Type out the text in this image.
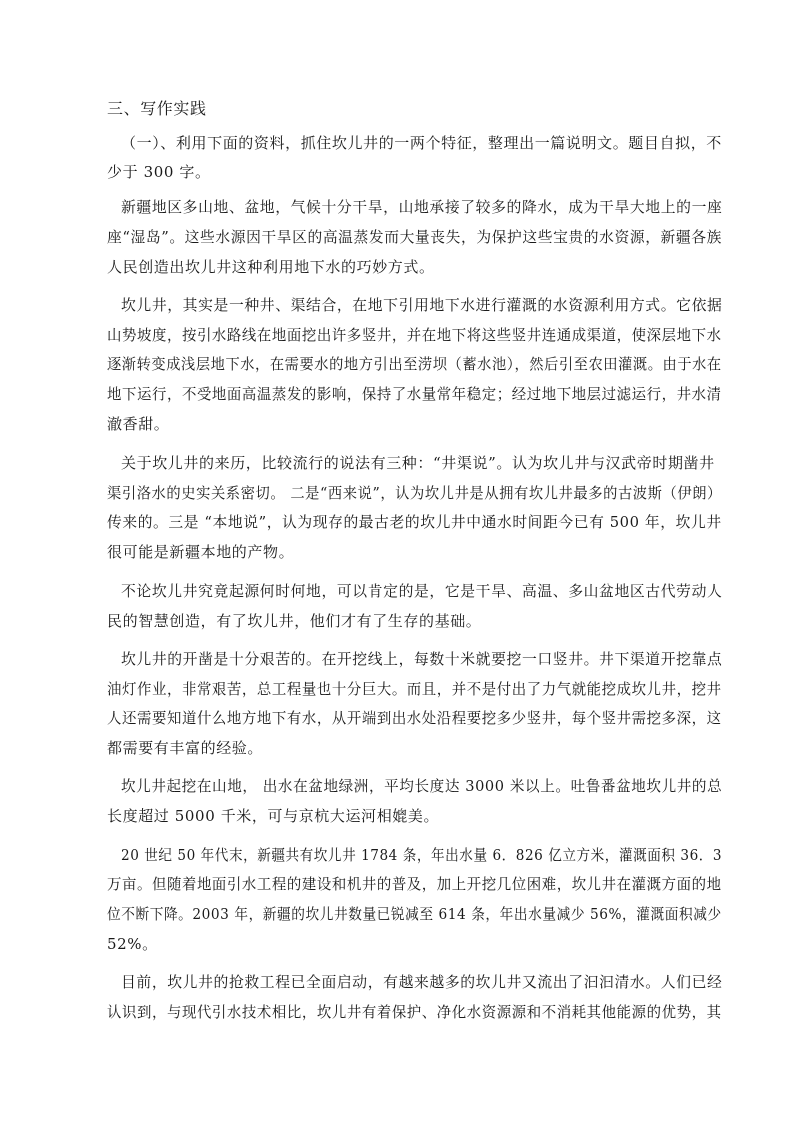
三、写作实践
（一）、利用下面的资料，抓住坎儿井的一两个特征，整理出一篇说明文。题目自拟，不
少于 300 字。
新疆地区多山地、盆地，气候十分干旱，山地承接了较多的降水，成为干旱大地上的一座
座“湿岛”。这些水源因干旱区的高温蒸发而大量丧失，为保护这些宝贵的水资源，新疆各族
人民创造出坎儿井这种利用地下水的巧妙方式。
坎儿井，其实是一种井、渠结合，在地下引用地下水进行灌溉的水资源利用方式。它依据
山势坡度，按引水路线在地面挖出许多竖井，并在地下将这些竖井连通成渠道，使深层地下水
逐渐转变成浅层地下水，在需要水的地方引出至涝坝（蓄水池），然后引至农田灌溉。由于水在
地下运行，不受地面高温蒸发的影响，保持了水量常年稳定；经过地下地层过滤运行，井水清
澈香甜。
关于坎儿井的来历，比较流行的说法有三种：“井渠说”。认为坎儿井与汉武帝时期凿井
渠引洛水的史实关系密切。 二是“西来说”，认为坎儿井是从拥有坎儿井最多的古波斯（伊朗）
传来的。三是 “本地说”，认为现存的最古老的坎儿井中通水时间距今已有 500 年，坎儿井
很可能是新疆本地的产物。
不论坎儿井究竟起源何时何地，可以肯定的是，它是干旱、高温、多山盆地区古代劳动人
民的智慧创造，有了坎儿井，他们才有了生存的基础。
坎儿井的开凿是十分艰苦的。在开挖线上，每数十米就要挖一口竖井。井下渠道开挖靠点
油灯作业，非常艰苦，总工程量也十分巨大。而且，并不是付出了力气就能挖成坎儿井，挖井
人还需要知道什么地方地下有水，从开端到出水处沿程要挖多少竖井，每个竖井需挖多深，这
都需要有丰富的经验。
坎儿井起挖在山地， 出水在盆地绿洲，平均长度达 3000 米以上。吐鲁番盆地坎儿井的总
长度超过 5000 千米，可与京杭大运河相媲美。
20 世纪 50 年代末，新疆共有坎儿井 1784 条，年出水量 6．826 亿立方米，灌溉面积 36．3
万亩。但随着地面引水工程的建设和机井的普及，加上开挖几位困难，坎儿井在灌溉方面的地
位不断下降。2003 年，新疆的坎儿井数量已锐减至 614 条，年出水量减少 56%，灌溉面积减少
52%。
目前，坎儿井的抢救工程已全面启动，有越来越多的坎儿井又流出了汩汩清水。人们已经
认识到，与现代引水技术相比，坎儿井有着保护、净化水资源源和不消耗其他能源的优势，其
